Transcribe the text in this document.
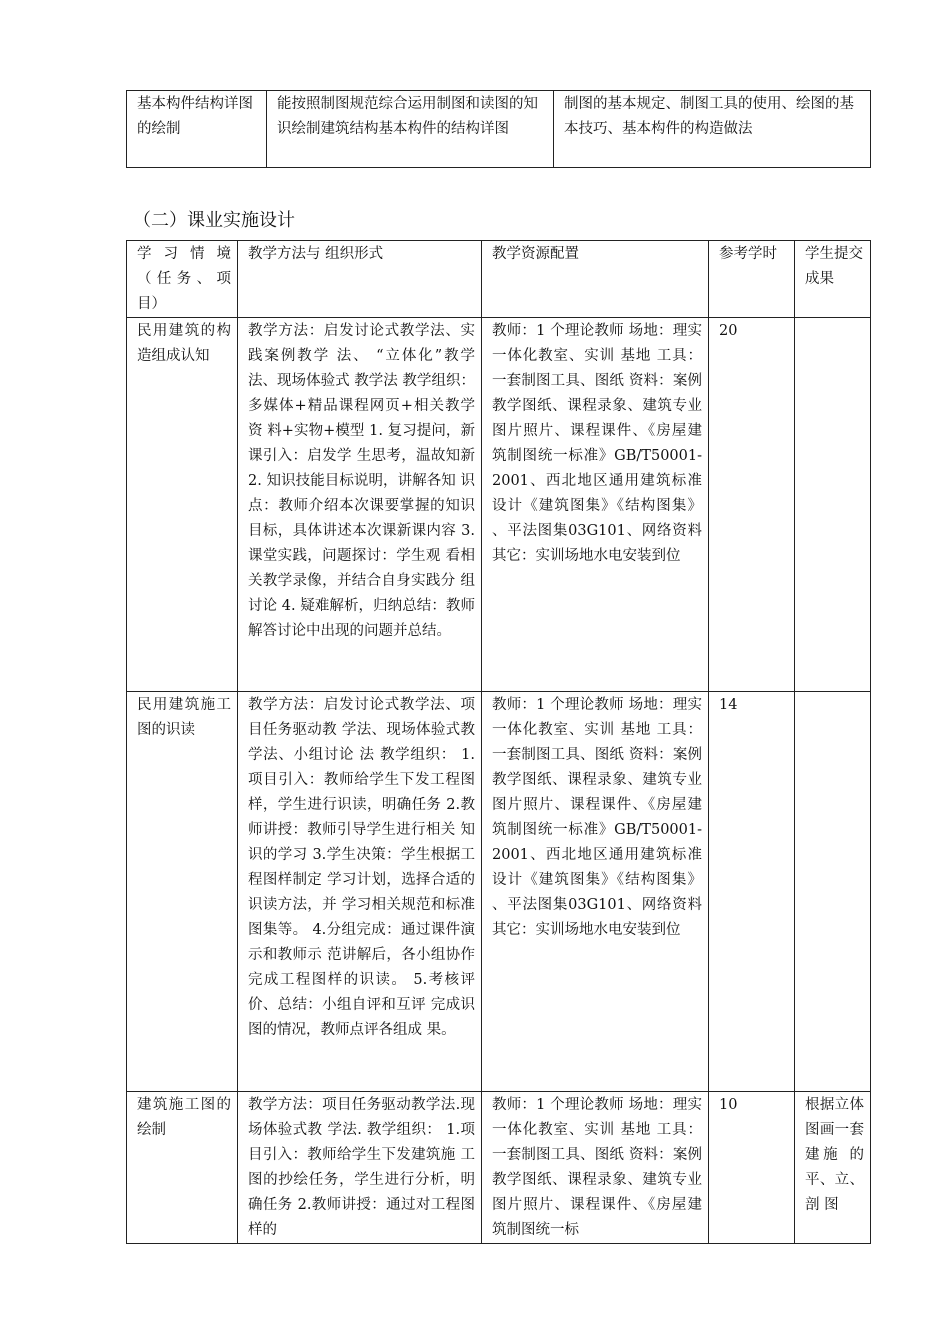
基本构件结构详图的绘制	能按照制图规范综合运用制图和读图的知识绘制建筑结构基本构件的结构详图	制图的基本规定、制图工具的使用、绘图的基本技巧、基本构件的构造做法
（二）课业实施设计
学 习 情 境（任务、项目）	教学方法与 组织形式	教学资源配置	参考学时	学生提交成果
民用建筑的构造组成认知	教学方法：启发讨论式教学法、实践案例教学 法、 “立体化”教学法、现场体验式 教学法 教学组织： 多媒体+精品课程网页+相关教学资 料+实物+模型 1. 复习提问，新课引入：启发学 生思考，温故知新 2. 知识技能目标说明，讲解各知 识点：教师介绍本次课要掌握的知识 目标，具体讲述本次课新课内容 3. 课堂实践，问题探讨：学生观 看相关教学录像，并结合自身实践分 组讨论 4. 疑难解析，归纳总结：教师 解答讨论中出现的问题并总结。	教师：1 个理论教师 场地：理实一体化教室、实训 基地 工具：一套制图工具、图纸 资料：案例教学图纸、课程录象、建筑专业图片照片、课程课件、《房屋建筑制图统一标准》GB/T50001-2001、西北地区通用建筑标准设计《建筑图集》《结构图集》 、平法图集03G101、网络资料 其它：实训场地水电安装到位	20	
民用建筑施工图的识读	教学方法：启发讨论式教学法、项目任务驱动教 学法、现场体验式教学法、小组讨论 法 教学组织： 1.项目引入：教师给学生下发工程图 样，学生进行识读，明确任务 2.教师讲授：教师引导学生进行相关 知识的学习 3.学生决策：学生根据工程图样制定 学习计划，选择合适的识读方法，并 学习相关规范和标准图集等。 4.分组完成：通过课件演示和教师示 范讲解后，各小组协作完成工程图样的识读。 5.考核评价、总结：小组自评和互评 完成识图的情况，教师点评各组成 果。	教师：1 个理论教师 场地：理实一体化教室、实训 基地 工具：一套制图工具、图纸 资料：案例教学图纸、课程录象、建筑专业图片照片、课程课件、《房屋建筑制图统一标准》GB/T50001-2001、西北地区通用建筑标准设计《建筑图集》《结构图集》 、平法图集03G101、网络资料 其它：实训场地水电安装到位	14	
建筑施工图的绘制	教学方法：项目任务驱动教学法.现场体验式教 学法. 教学组织： 1.项目引入：教师给学生下发建筑施 工图的抄绘任务，学生进行分析，明 确任务 2.教师讲授：通过对工程图样的	教师：1 个理论教师 场地：理实一体化教室、实训 基地 工具：一套制图工具、图纸 资料：案例教学图纸、课程录象、建筑专业图片照片、课程课件、《房屋建筑制图统一标	10	根据立体图画一套建施 的平、立、剖 图
